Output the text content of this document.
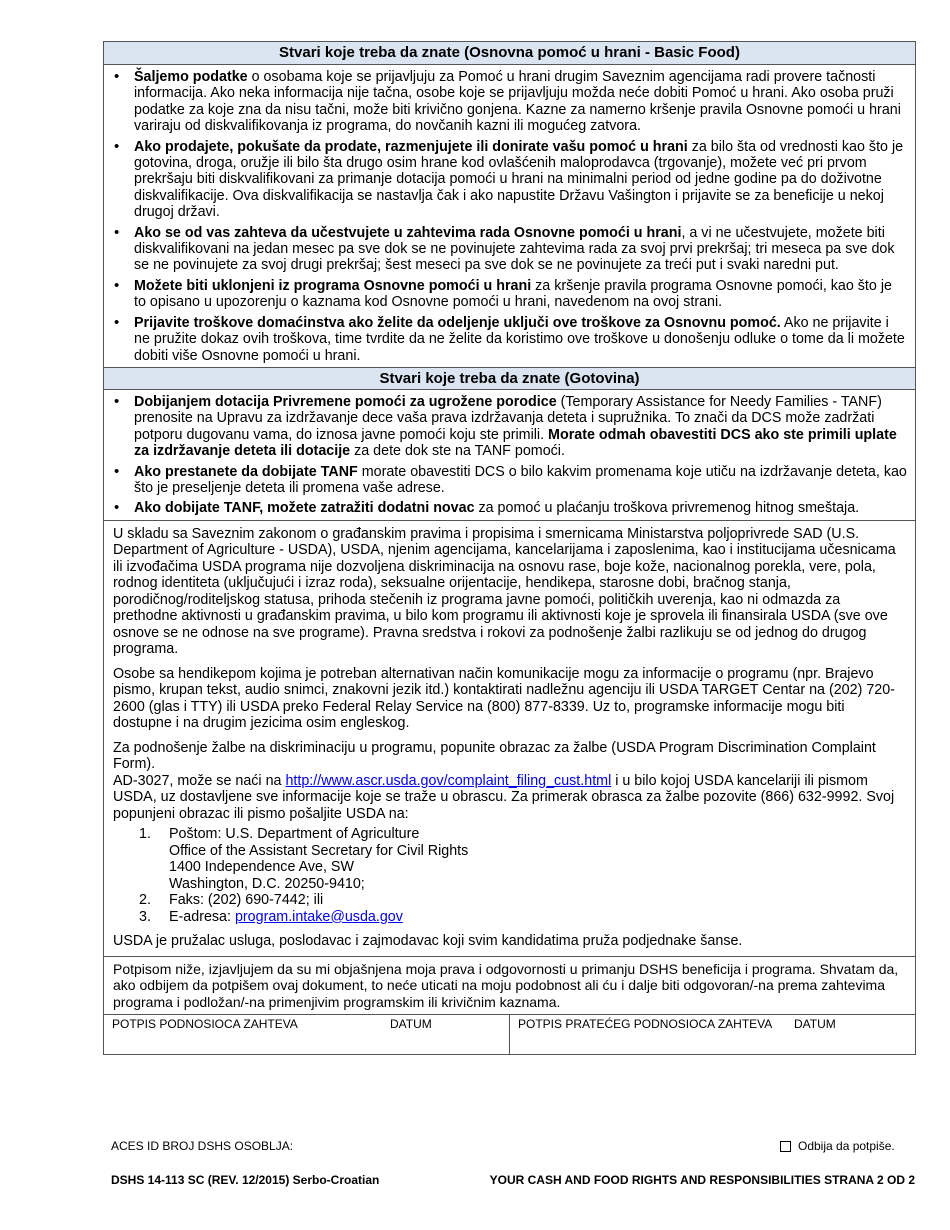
Stvari koje treba da znate (Osnovna pomoć u hrani - Basic Food)
• Šaljemo podatke o osobama koje se prijavljuju za Pomoć u hrani drugim Saveznim agencijama radi provere tačnosti informacija. Ako neka informacija nije tačna, osobe koje se prijavljuju možda neće dobiti Pomoć u hrani. Ako osoba pruži podatke za koje zna da nisu tačni, može biti krivično gonjena. Kazne za namerno kršenje pravila Osnovne pomoći u hrani variraju od diskvalifikovanja iz programa, do novčanih kazni ili mogućeg zatvora.
• Ako prodajete, pokušate da prodate, razmenjujete ili donirate vašu pomoć u hrani za bilo šta od vrednosti kao što je gotovina, droga, oružje ili bilo šta drugo osim hrane kod ovlašćenih maloprodavca (trgovanje), možete već pri prvom prekršaju biti diskvalifikovani za primanje dotacija pomoći u hrani na minimalni period od jedne godine pa do doživotne diskvalifikacije. Ova diskvalifikacija se nastavlja čak i ako napustite Državu Vašington i prijavite se za beneficije u nekoj drugoj državi.
• Ako se od vas zahteva da učestvujete u zahtevima rada Osnovne pomoći u hrani, a vi ne učestvujete, možete biti diskvalifikovani na jedan mesec pa sve dok se ne povinujete zahtevima rada za svoj prvi prekršaj; tri meseca pa sve dok se ne povinujete za svoj drugi prekršaj; šest meseci pa sve dok se ne povinujete za treći put i svaki naredni put.
• Možete biti uklonjeni iz programa Osnovne pomoći u hrani za kršenje pravila programa Osnovne pomoći, kao što je to opisano u upozorenju o kaznama kod Osnovne pomoći u hrani, navedenom na ovoj strani.
• Prijavite troškove domaćinstva ako želite da odeljenje uključi ove troškove za Osnovnu pomoć. Ako ne prijavite i ne pružite dokaz ovih troškova, time tvrdite da ne želite da koristimo ove troškove u donošenju odluke o tome da li možete dobiti više Osnovne pomoći u hrani.
Stvari koje treba da znate (Gotovina)
• Dobijanjem dotacija Privremene pomoći za ugrožene porodice (Temporary Assistance for Needy Families - TANF) prenosite na Upravu za izdržavanje dece vaša prava izdržavanja deteta i supružnika. To znači da DCS može zadržati potporu dugovanu vama, do iznosa javne pomoći koju ste primili. Morate odmah obavestiti DCS ako ste primili uplate za izdržavanje deteta ili dotacije za dete dok ste na TANF pomoći.
• Ako prestanete da dobijate TANF morate obavestiti DCS o bilo kakvim promenama koje utiču na izdržavanje deteta, kao što je preseljenje deteta ili promena vaše adrese.
• Ako dobijate TANF, možete zatražiti dodatni novac za pomoć u plaćanju troškova privremenog hitnog smeštaja.

U skladu sa Saveznim zakonom o građanskim pravima i propisima i smernicama Ministarstva poljoprivrede SAD (U.S. Department of Agriculture - USDA), USDA, njenim agencijama, kancelarijama i zaposlenima, kao i institucijama učesnicama ili izvođačima USDA programa nije dozvoljena diskriminacija na osnovu rase, boje kože, nacionalnog porekla, vere, pola, rodnog identiteta (uključujući i izraz roda), seksualne orijentacije, hendikepa, starosne dobi, bračnog stanja, porodičnog/roditeljskog statusa, prihoda stečenih iz programa javne pomoći, političkih uverenja, kao ni odmazda za prethodne aktivnosti u građanskim pravima, u bilo kom programu ili aktivnosti koje je sprovela ili finansirala USDA (sve ove osnove se ne odnose na sve programe). Pravna sredstva i rokovi za podnošenje žalbi razlikuju se od jednog do drugog programa.

Osobe sa hendikepom kojima je potreban alternativan način komunikacije mogu za informacije o programu (npr. Brajevo pismo, krupan tekst, audio snimci, znakovni jezik itd.) kontaktirati nadležnu agenciju ili USDA TARGET Centar na (202) 720-2600 (glas i TTY) ili USDA preko Federal Relay Service na (800) 877-8339. Uz to, programske informacije mogu biti dostupne i na drugim jezicima osim engleskog.

Za podnošenje žalbe na diskriminaciju u programu, popunite obrazac za žalbe (USDA Program Discrimination Complaint Form).
AD-3027, može se naći na http://www.ascr.usda.gov/complaint_filing_cust.html i u bilo kojoj USDA kancelariji ili pismom USDA, uz dostavljene sve informacije koje se traže u obrascu. Za primerak obrasca za žalbe pozovite (866) 632-9992. Svoj popunjeni obrazac ili pismo pošaljite USDA na:

1. Poštom: U.S. Department of Agriculture
Office of the Assistant Secretary for Civil Rights
1400 Independence Ave, SW
Washington, D.C. 20250-9410;
2. Faks: (202) 690-7442; ili
3. E-adresa: program.intake@usda.gov

USDA je pružalac usluga, poslodavac i zajmodavac koji svim kandidatima pruža podjednake šanse.

Potpisom niže, izjavljujem da su mi objašnjena moja prava i odgovornosti u primanju DSHS beneficija i programa. Shvatam da, ako odbijem da potpišem ovaj dokument, to neće uticati na moju podobnost ali ću i dalje biti odgovoran/-na prema zahtevima programa i podložan/-na primenjivim programskim ili krivičnim kaznama.
POTPIS PODNOSIOCA ZAHTEVA	DATUM	POTPIS PRATEĆEG PODNOSIOCA ZAHTEVA DATUM
ACES ID BROJ DSHS OSOBLJA:	Odbija da potpiše.
DSHS 14-113 SC (REV. 12/2015) Serbo-Croatian	YOUR CASH AND FOOD RIGHTS AND RESPONSIBILITIES STRANA 2 OD 2
